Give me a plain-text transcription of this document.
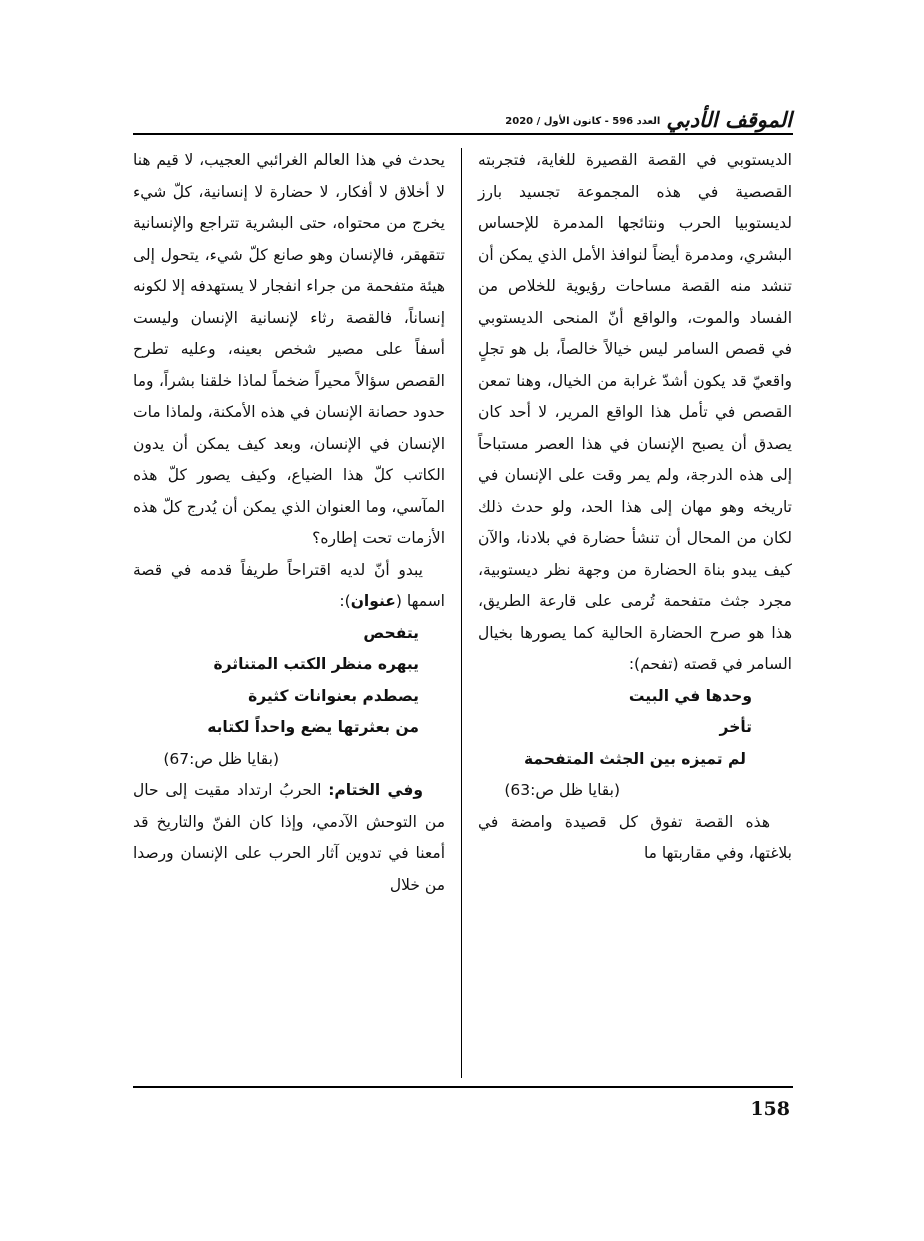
الموقف الأدبي
العدد 596 - كانون الأول / 2020

الديستوبي في القصة القصيرة للغاية، فتجربته القصصية في هذه المجموعة تجسيد بارز لديستوبيا الحرب ونتائجها المدمرة للإحساس البشري، ومدمرة أيضاً لنوافذ الأمل الذي يمكن أن تنشد منه القصة مساحات رؤيوية للخلاص من الفساد والموت، والواقع أنّ المنحى الديستوبي في قصص السامر ليس خيالاً خالصاً، بل هو تجلٍ واقعيّ قد يكون أشدّ غرابة من الخيال، وهنا تمعن القصص في تأمل هذا الواقع المرير، لا أحد كان يصدق أن يصبح الإنسان في هذا العصر مستباحاً إلى هذه الدرجة، ولم يمر وقت على الإنسان في تاريخه وهو مهان إلى هذا الحد، ولو حدث ذلك لكان من المحال أن تنشأ حضارة في بلادنا، والآن كيف يبدو بناة الحضارة من وجهة نظر ديستوبية، مجرد جثث متفحمة تُرمى على قارعة الطريق، هذا هو صرح الحضارة الحالية كما يصورها بخيال السامر في قصته (تفحم):

وحدها في البيت

تأخر

لم تميزه بين الجثث المتفحمة

(بقايا ظل ص:63)

هذه القصة تفوق كل قصيدة وامضة في بلاغتها، وفي مقاربتها ما

يحدث في هذا العالم الغرائبي العجيب، لا قيم هنا لا أخلاق لا أفكار، لا حضارة لا إنسانية، كلّ شيء يخرج من محتواه، حتى البشرية تتراجع والإنسانية تتقهقر، فالإنسان وهو صانع كلّ شيء، يتحول إلى هيئة متفحمة من جراء انفجار لا يستهدفه إلا لكونه إنساناً، فالقصة رثاء لإنسانية الإنسان وليست أسفاً على مصير شخص بعينه، وعليه تطرح القصص سؤالاً محيراً ضخماً لماذا خلقنا بشراً، وما حدود حصانة الإنسان في هذه الأمكنة، ولماذا مات الإنسان في الإنسان، وبعد كيف يمكن أن يدون الكاتب كلّ هذا الضياع، وكيف يصور كلّ هذه المآسي، وما العنوان الذي يمكن أن يُدرج كلّ هذه الأزمات تحت إطاره؟

يبدو أنّ لديه اقتراحاً طريفاً قدمه في قصة اسمها (عنوان):

يتفحص

يبهره منظر الكتب المتناثرة

يصطدم بعنوانات كثيرة

من بعثرتها يضع واحداً لكتابه

(بقايا ظل ص:67)

وفي الختام: الحربُ ارتداد مقيت إلى حال من التوحش الآدمي، وإذا كان الفنّ والتاريخ قد أمعنا في تدوين آثار الحرب على الإنسان ورصدا من خلال

158
